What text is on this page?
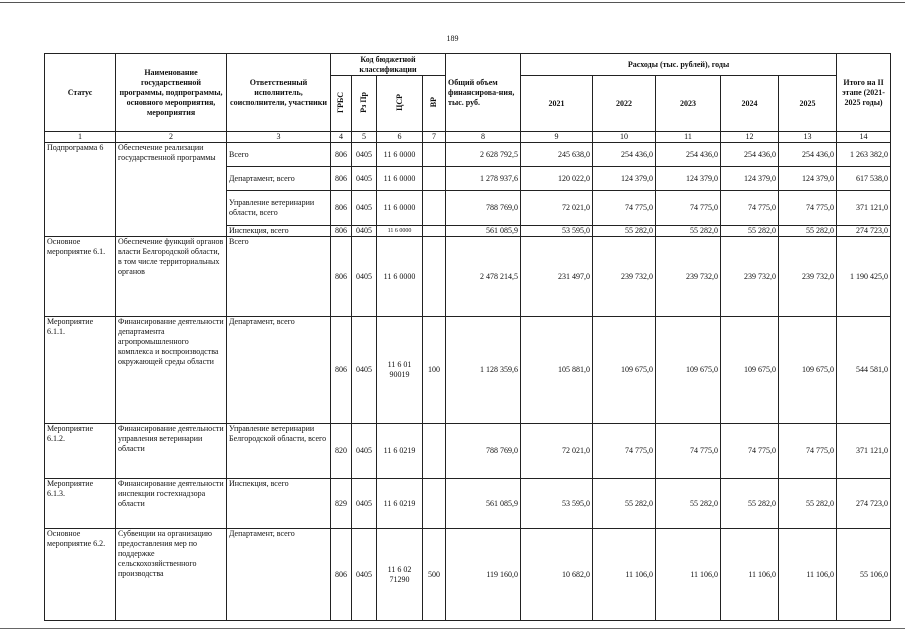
189
Статус	Наименование государственной программы, подпрограммы, основного мероприятия, мероприятия	Ответственный исполнитель, соисполнители, участники	Код бюджетной классификации				Общий объем финансирова-ния, тыс. руб.	Расходы (тыс. рублей), годы					Итого на II этапе (2021-2025 годы)
			ГРБС	Рз Пр	ЦСР	ВР		2021	2022	2023	2024	2025	
1	2	3	4	5	6	7	8	9	10	11	12	13	14
Подпрограмма 6	Обеспечение реализации государственной программы	Всего	806	0405	11 6 0000		2 628 792,5	245 638,0	254 436,0	254 436,0	254 436,0	254 436,0	1 263 382,0
		Департамент, всего	806	0405	11 6 0000		1 278 937,6	120 022,0	124 379,0	124 379,0	124 379,0	124 379,0	617 538,0
		Управление ветеринарии области, всего	806	0405	11 6 0000		788 769,0	72 021,0	74 775,0	74 775,0	74 775,0	74 775,0	371 121,0
		Инспекция, всего	806	0405	11 6 0000		561 085,9	53 595,0	55 282,0	55 282,0	55 282,0	55 282,0	274 723,0
Основное мероприятие 6.1.	Обеспечение функций органов власти Белгородской области, в том числе территориальных органов	Всего	806	0405	11 6 0000		2 478 214,5	231 497,0	239 732,0	239 732,0	239 732,0	239 732,0	1 190 425,0
Мероприятие 6.1.1.	Финансирование деятельности департамента агропромышленного комплекса и воспроизводства окружающей среды области	Департамент, всего	806	0405	11 6 01 90019	100	1 128 359,6	105 881,0	109 675,0	109 675,0	109 675,0	109 675,0	544 581,0
Мероприятие 6.1.2.	Финансирование деятельности управления ветеринарии области	Управление ветеринарии Белгородской области, всего	820	0405	11 6 0219		788 769,0	72 021,0	74 775,0	74 775,0	74 775,0	74 775,0	371 121,0
Мероприятие 6.1.3.	Финансирование деятельности инспекции гостехнадзора области	Инспекция, всего	829	0405	11 6 0219		561 085,9	53 595,0	55 282,0	55 282,0	55 282,0	55 282,0	274 723,0
Основное мероприятие 6.2.	Субвенции на организацию предоставления мер по поддержке сельскохозяйственного производства	Департамент, всего	806	0405	11 6 02 71290	500	119 160,0	10 682,0	11 106,0	11 106,0	11 106,0	11 106,0	55 106,0
